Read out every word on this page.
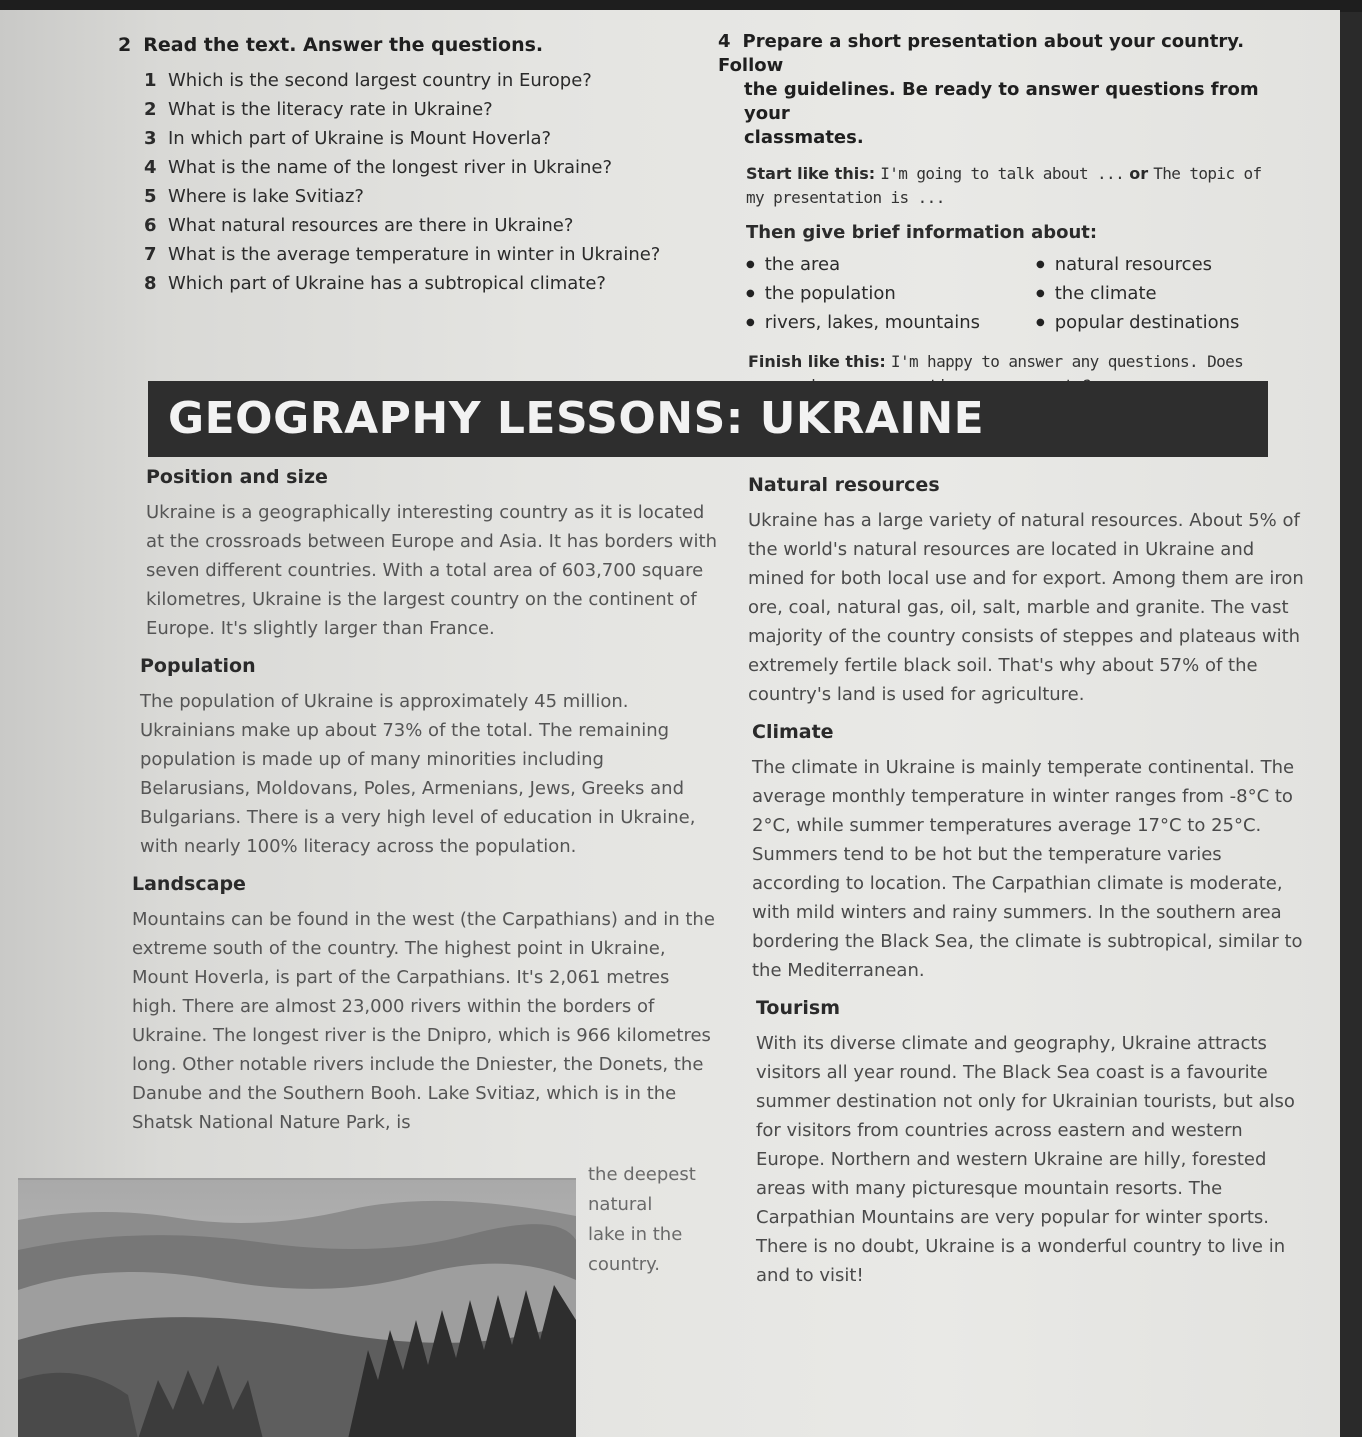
2 Read the text. Answer the questions.
1 Which is the second largest country in Europe?
2 What is the literacy rate in Ukraine?
3 In which part of Ukraine is Mount Hoverla?
4 What is the name of the longest river in Ukraine?
5 Where is lake Svitiaz?
6 What natural resources are there in Ukraine?
7 What is the average temperature in winter in Ukraine?
8 Which part of Ukraine has a subtropical climate?
4 Prepare a short presentation about your country. Follow
the guidelines. Be ready to answer questions from your
classmates.

Start like this: I'm going to talk about ... or The topic of my presentation is ...

Then give brief information about:

● the area	● natural resources
● the population	● the climate
● rivers, lakes, mountains	● popular destinations

Finish like this: I'm happy to answer any questions. Does

GEOGRAPHY LESSONS: UKRAINE
Position and size

Ukraine is a geographically interesting country as it is located at the crossroads between Europe and Asia. It has borders with seven different countries. With a total area of 603,700 square kilometres, Ukraine is the largest country on the continent of Europe. It's slightly larger than France.

Population

The population of Ukraine is approximately 45 million. Ukrainians make up about 73% of the total. The remaining population is made up of many minorities including Belarusians, Moldovans, Poles, Armenians, Jews, Greeks and Bulgarians. There is a very high level of education in Ukraine, with nearly 100% literacy across the population.

Landscape

Mountains can be found in the west (the Carpathians) and in the extreme south of the country. The highest point in Ukraine, Mount Hoverla, is part of the Carpathians. It's 2,061 metres high. There are almost 23,000 rivers within the borders of Ukraine. The longest river is the Dnipro, which is 966 kilometres long. Other notable rivers include the Dniester, the Donets, the Danube and the Southern Booh. Lake Svitiaz, which is in the Shatsk National Nature Park, is

the deepest
natural
lake in the
country.
Natural resources

Ukraine has a large variety of natural resources. About 5% of the world's natural resources are located in Ukraine and mined for both local use and for export. Among them are iron ore, coal, natural gas, oil, salt, marble and granite. The vast majority of the country consists of steppes and plateaus with extremely fertile black soil. That's why about 57% of the country's land is used for agriculture.

Climate

The climate in Ukraine is mainly temperate continental. The average monthly temperature in winter ranges from -8°C to 2°C, while summer temperatures average 17°C to 25°C. Summers tend to be hot but the temperature varies according to location. The Carpathian climate is moderate, with mild winters and rainy summers. In the southern area bordering the Black Sea, the climate is subtropical, similar to the Mediterranean.

Tourism

With its diverse climate and geography, Ukraine attracts visitors all year round. The Black Sea coast is a favourite summer destination not only for Ukrainian tourists, but also for visitors from countries across eastern and western Europe. Northern and western Ukraine are hilly, forested areas with many picturesque mountain resorts. The Carpathian Mountains are very popular for winter sports. There is no doubt, Ukraine is a wonderful country to live in and to visit!
